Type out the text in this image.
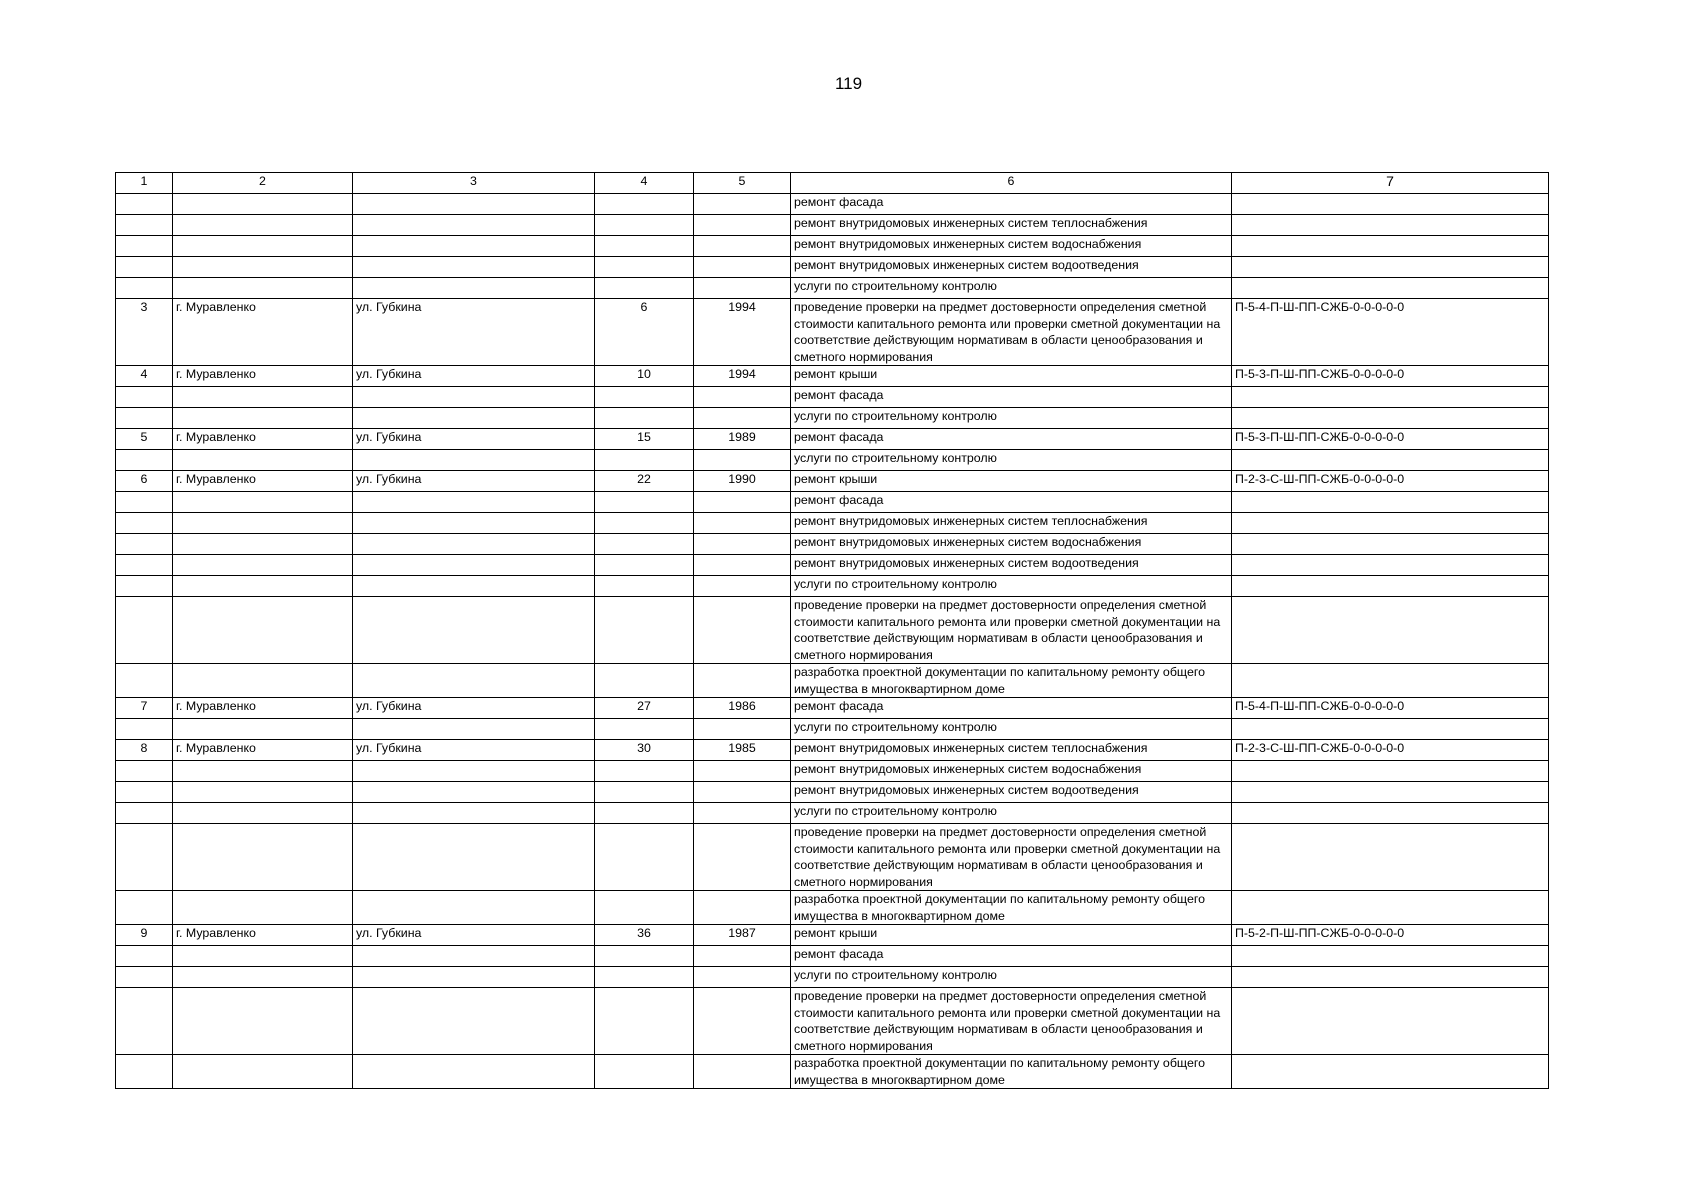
119
1	2	3	4	5	6	7
					ремонт фасада	
					ремонт внутридомовых инженерных систем теплоснабжения	
					ремонт внутридомовых инженерных систем водоснабжения	
					ремонт внутридомовых инженерных систем водоотведения	
					услуги по строительному контролю	
3	г. Муравленко	ул. Губкина	6	1994	проведение проверки на предмет достоверности определения сметной стоимости капитального ремонта или проверки сметной документации на соответствие действующим нормативам в области ценообразования и сметного нормирования	П-5-4-П-Ш-ПП-СЖБ-0-0-0-0-0
4	г. Муравленко	ул. Губкина	10	1994	ремонт крыши	П-5-3-П-Ш-ПП-СЖБ-0-0-0-0-0
					ремонт фасада	
					услуги по строительному контролю	
5	г. Муравленко	ул. Губкина	15	1989	ремонт фасада	П-5-3-П-Ш-ПП-СЖБ-0-0-0-0-0
					услуги по строительному контролю	
6	г. Муравленко	ул. Губкина	22	1990	ремонт крыши	П-2-3-С-Ш-ПП-СЖБ-0-0-0-0-0
					ремонт фасада	
					ремонт внутридомовых инженерных систем теплоснабжения	
					ремонт внутридомовых инженерных систем водоснабжения	
					ремонт внутридомовых инженерных систем водоотведения	
					услуги по строительному контролю	
					проведение проверки на предмет достоверности определения сметной стоимости капитального ремонта или проверки сметной документации на соответствие действующим нормативам в области ценообразования и сметного нормирования	
					разработка проектной документации по капитальному ремонту общего имущества в многоквартирном доме	
7	г. Муравленко	ул. Губкина	27	1986	ремонт фасада	П-5-4-П-Ш-ПП-СЖБ-0-0-0-0-0
					услуги по строительному контролю	
8	г. Муравленко	ул. Губкина	30	1985	ремонт внутридомовых инженерных систем теплоснабжения	П-2-3-С-Ш-ПП-СЖБ-0-0-0-0-0
					ремонт внутридомовых инженерных систем водоснабжения	
					ремонт внутридомовых инженерных систем водоотведения	
					услуги по строительному контролю	
					проведение проверки на предмет достоверности определения сметной стоимости капитального ремонта или проверки сметной документации на соответствие действующим нормативам в области ценообразования и сметного нормирования	
					разработка проектной документации по капитальному ремонту общего имущества в многоквартирном доме	
9	г. Муравленко	ул. Губкина	36	1987	ремонт крыши	П-5-2-П-Ш-ПП-СЖБ-0-0-0-0-0
					ремонт фасада	
					услуги по строительному контролю	
					проведение проверки на предмет достоверности определения сметной стоимости капитального ремонта или проверки сметной документации на соответствие действующим нормативам в области ценообразования и сметного нормирования	
					разработка проектной документации по капитальному ремонту общего имущества в многоквартирном доме	
